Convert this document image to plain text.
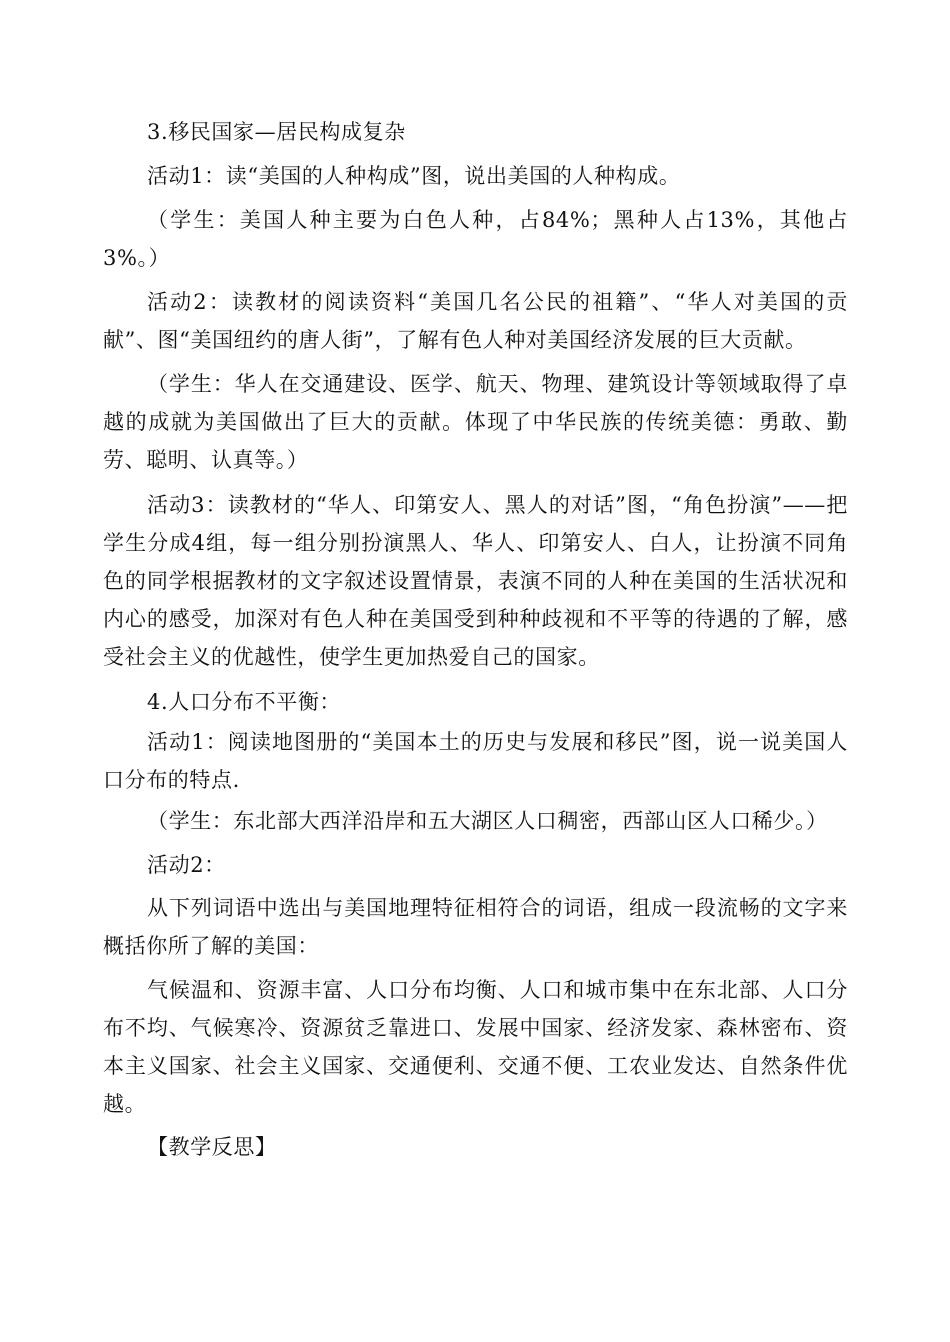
3.移民国家—居民构成复杂
活动1：读“美国的人种构成”图，说出美国的人种构成。
（学生：美国人种主要为白色人种，占84%；黑种人占13%，其他占3%。）
活动2：读教材的阅读资料“美国几名公民的祖籍”、“华人对美国的贡献”、图“美国纽约的唐人街”，了解有色人种对美国经济发展的巨大贡献。
（学生：华人在交通建设、医学、航天、物理、建筑设计等领域取得了卓越的成就为美国做出了巨大的贡献。体现了中华民族的传统美德：勇敢、勤劳、聪明、认真等。）
活动3：读教材的“华人、印第安人、黑人的对话”图，“角色扮演”——把学生分成4组，每一组分别扮演黑人、华人、印第安人、白人，让扮演不同角色的同学根据教材的文字叙述设置情景，表演不同的人种在美国的生活状况和内心的感受，加深对有色人种在美国受到种种歧视和不平等的待遇的了解，感受社会主义的优越性，使学生更加热爱自己的国家。
4.人口分布不平衡：
活动1：阅读地图册的“美国本土的历史与发展和移民”图，说一说美国人口分布的特点.
（学生：东北部大西洋沿岸和五大湖区人口稠密，西部山区人口稀少。）
活动2：
从下列词语中选出与美国地理特征相符合的词语，组成一段流畅的文字来概括你所了解的美国：
气候温和、资源丰富、人口分布均衡、人口和城市集中在东北部、人口分布不均、气候寒冷、资源贫乏靠进口、发展中国家、经济发家、森林密布、资本主义国家、社会主义国家、交通便利、交通不便、工农业发达、自然条件优越。
【教学反思】
